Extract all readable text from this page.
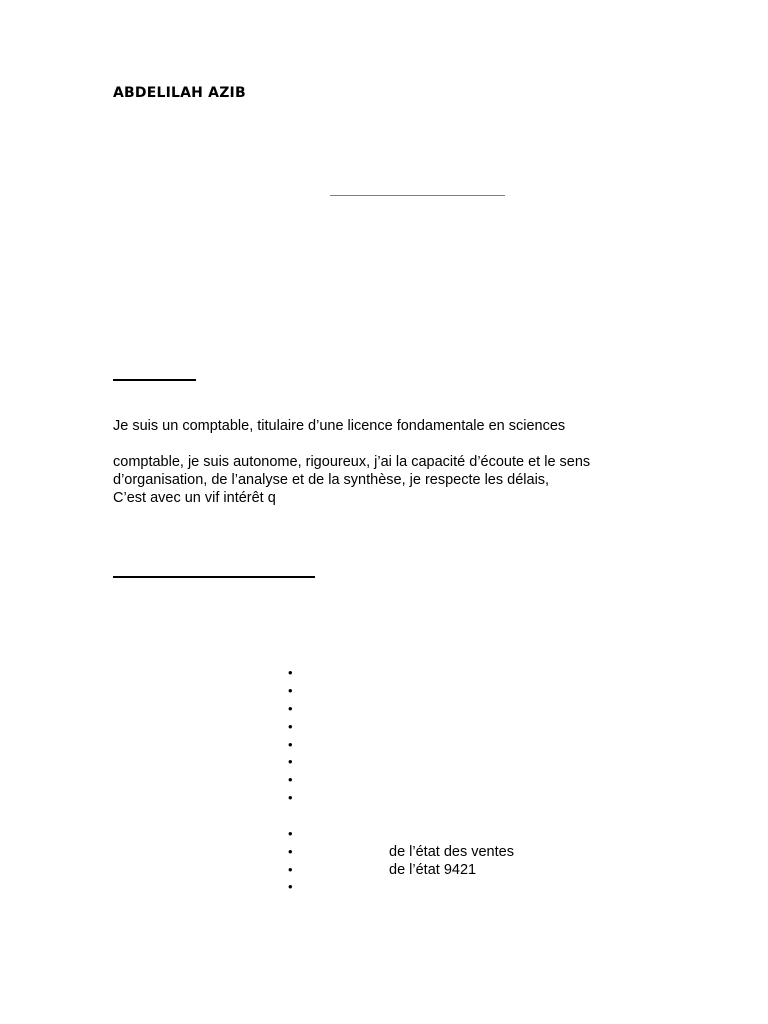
ABDELILAH AZIB
Je suis un comptable, titulaire d’une licence fondamentale en sciences
comptable, je suis autonome, rigoureux, j’ai la capacité d’écoute et le sens
d’organisation, de l’analyse et de la synthèse, je respecte les délais,
C’est avec un vif intérêt q
•
•
•
•
•
•
•
•
•
•	de l’état des ventes
•	de l’état 9421
•
